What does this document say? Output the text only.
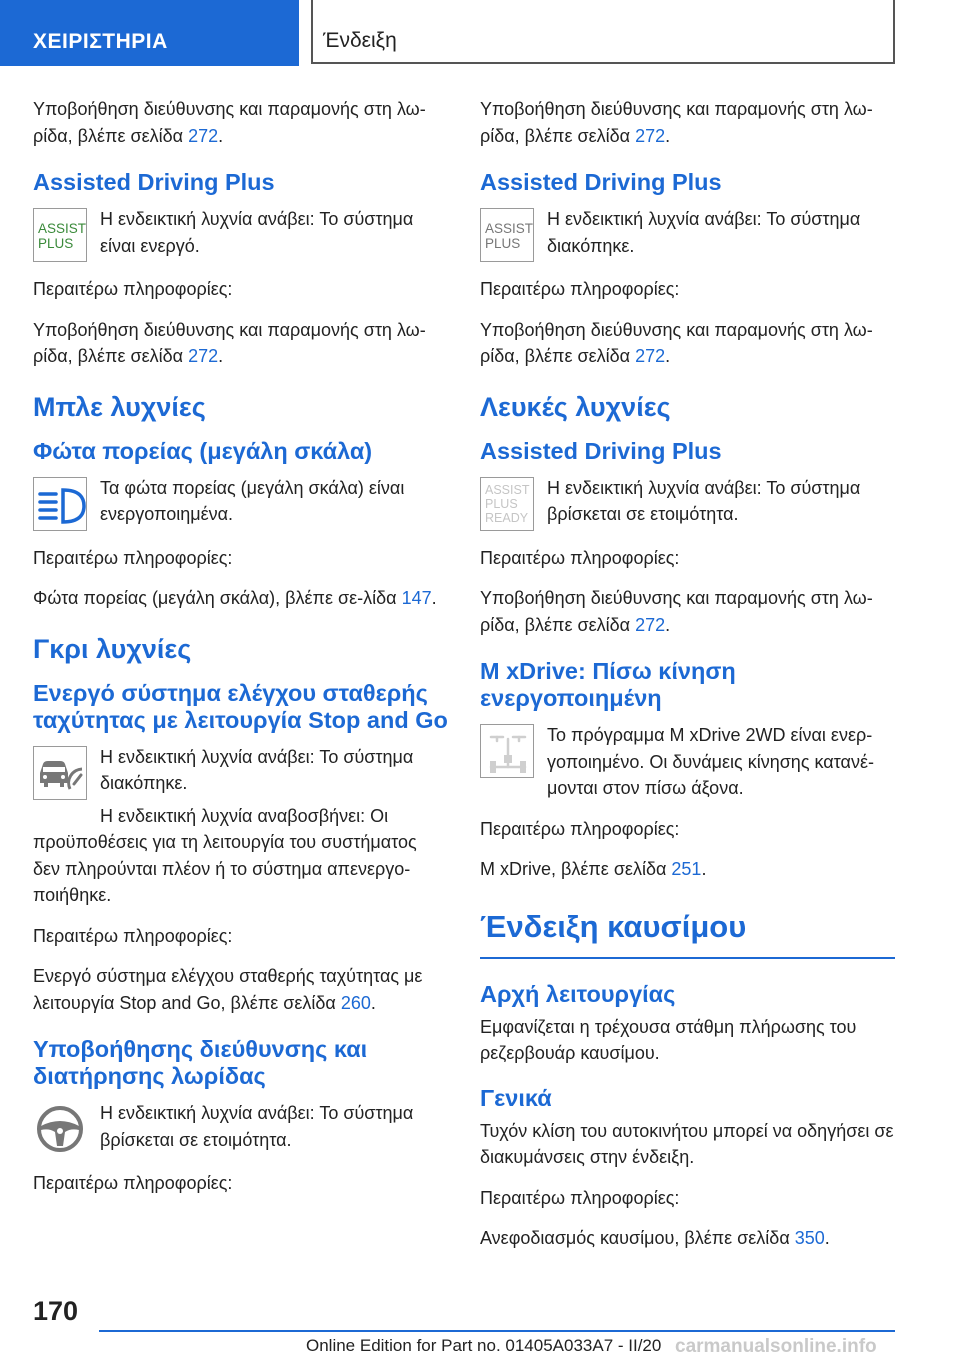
ΧΕΙΡΙΣΤΗΡΙΑ	Ένδειξη

Υποβοήθηση διεύθυνσης και παραμονής στη λω-ρίδα, βλέπε σελίδα 272.

Assisted Driving Plus
ASSIST
PLUS

Η ενδεικτική λυχνία ανάβει: Το σύστημα είναι ενεργό.

Περαιτέρω πληροφορίες:

Υποβοήθηση διεύθυνσης και παραμονής στη λω-ρίδα, βλέπε σελίδα 272.

Μπλε λυχνίες
Φώτα πορείας (μεγάλη σκάλα)

Τα φώτα πορείας (μεγάλη σκάλα) είναι ενεργοποιημένα.

Περαιτέρω πληροφορίες:

Φώτα πορείας (μεγάλη σκάλα), βλέπε σε-λίδα 147.

Γκρι λυχνίες
Ενεργό σύστημα ελέγχου σταθερής ταχύτητας με λειτουργία Stop and Go

Η ενδεικτική λυχνία ανάβει: Το σύστημα διακόπηκε.

Η ενδεικτική λυχνία αναβοσβήνει: Οι προϋποθέσεις για τη λειτουργία του συστήματος δεν πληρούνται πλέον ή το σύστημα απενεργο-ποιήθηκε.

Περαιτέρω πληροφορίες:

Ενεργό σύστημα ελέγχου σταθερής ταχύτητας με λειτουργία Stop and Go, βλέπε σελίδα 260.

Υποβοήθησης διεύθυνσης και διατήρησης λωρίδας

Η ενδεικτική λυχνία ανάβει: Το σύστημα βρίσκεται σε ετοιμότητα.

Περαιτέρω πληροφορίες:

Υποβοήθηση διεύθυνσης και παραμονής στη λω-ρίδα, βλέπε σελίδα 272.

Assisted Driving Plus
ASSIST
PLUS

Η ενδεικτική λυχνία ανάβει: Το σύστημα διακόπηκε.

Περαιτέρω πληροφορίες:

Υποβοήθηση διεύθυνσης και παραμονής στη λω-ρίδα, βλέπε σελίδα 272.

Λευκές λυχνίες
Assisted Driving Plus
ASSIST
PLUS
READY

Η ενδεικτική λυχνία ανάβει: Το σύστημα βρίσκεται σε ετοιμότητα.

Περαιτέρω πληροφορίες:

Υποβοήθηση διεύθυνσης και παραμονής στη λω-ρίδα, βλέπε σελίδα 272.

M xDrive: Πίσω κίνηση ενεργοποιημένη

Το πρόγραμμα M xDrive 2WD είναι ενερ-γοποιημένο. Οι δυνάμεις κίνησης κατανέ-μονται στον πίσω άξονα.

Περαιτέρω πληροφορίες:

M xDrive, βλέπε σελίδα 251.

Ένδειξη καυσίμου
Αρχή λειτουργίας

Εμφανίζεται η τρέχουσα στάθμη πλήρωσης του ρεζερβουάρ καυσίμου.

Γενικά

Τυχόν κλίση του αυτοκινήτου μπορεί να οδηγήσει σε διακυμάνσεις στην ένδειξη.

Περαιτέρω πληροφορίες:

Ανεφοδιασμός καυσίμου, βλέπε σελίδα 350.

170
Online Edition for Part no. 01405A033A7 - II/20 carmanualsonline.info
